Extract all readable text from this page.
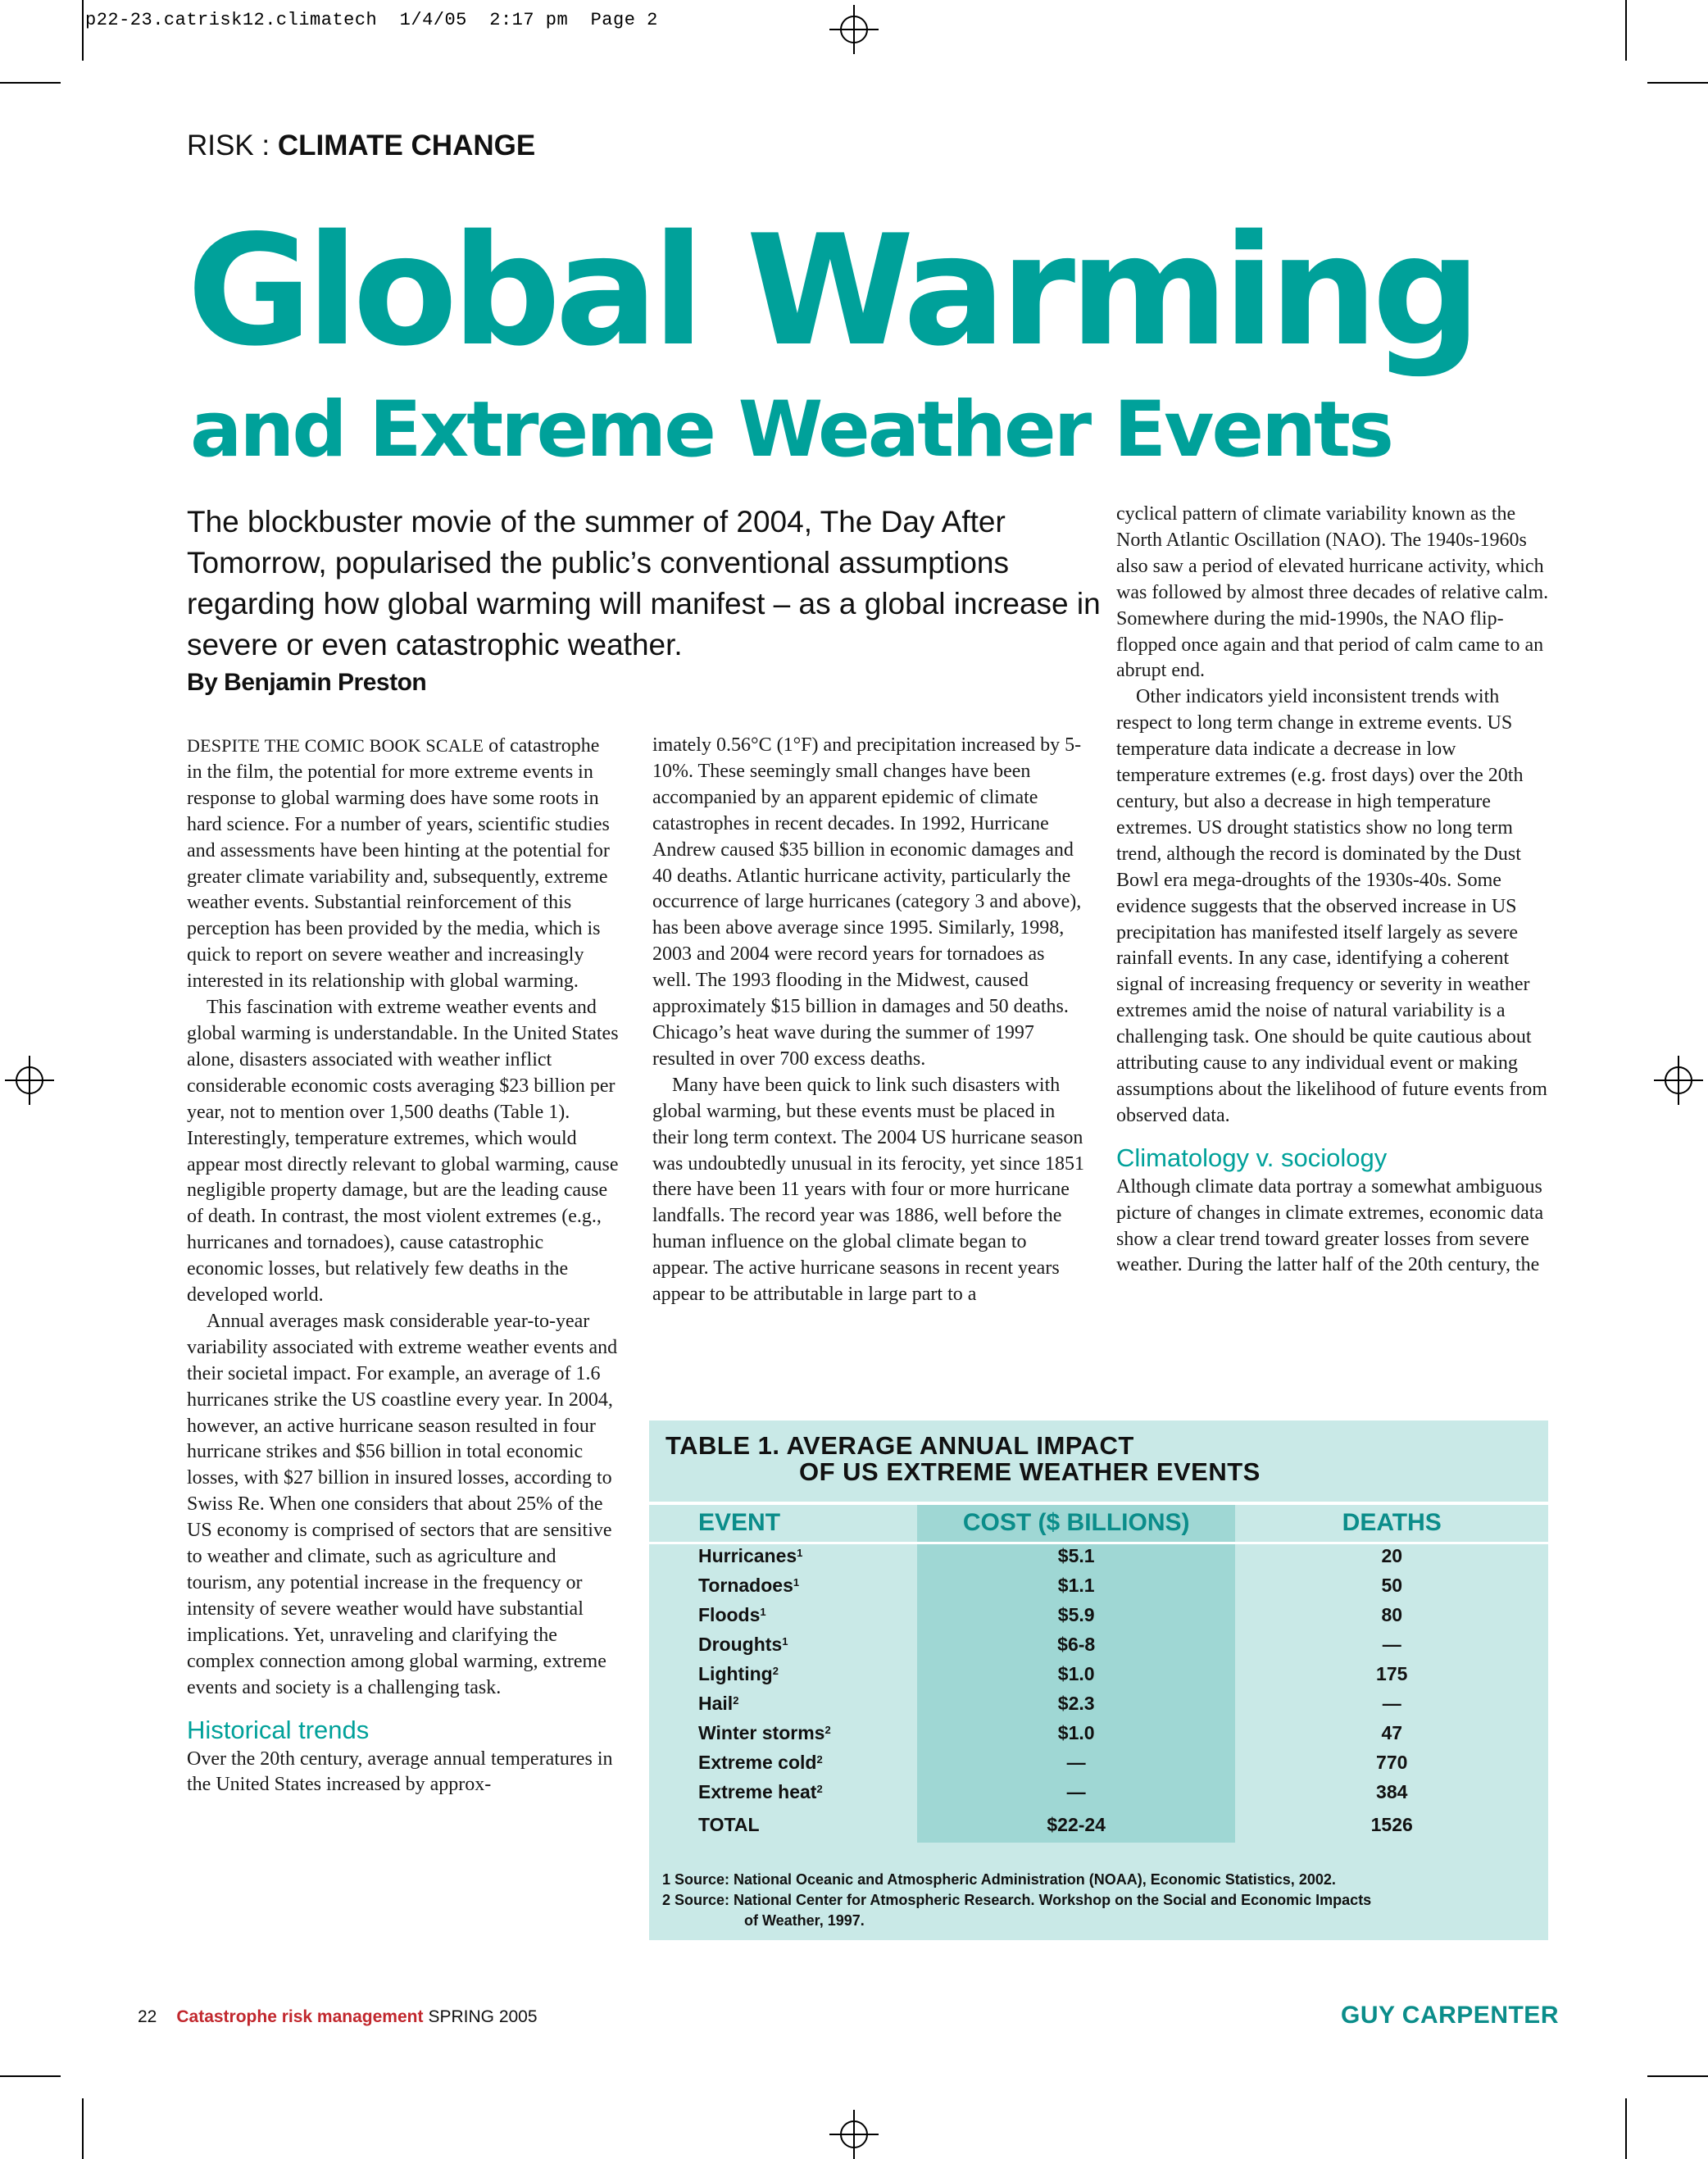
p22-23.catrisk12.climatech  1/4/05  2:17 pm  Page 2
RISK : CLIMATE CHANGE
Global Warming
and Extreme Weather Events
The blockbuster movie of the summer of 2004, The Day After Tomorrow, popularised the public’s conventional assumptions regarding how global warming will manifest – as a global increase in severe or even catastrophic weather.
By Benjamin Preston

DESPITE THE COMIC BOOK SCALE of catastrophe in the film, the potential for more extreme events in response to global warming does have some roots in hard science. For a number of years, scientific studies and assessments have been hinting at the potential for greater climate variability and, subsequently, extreme weather events. Substantial reinforcement of this perception has been provided by the media, which is quick to report on severe weather and increasingly interested in its relationship with global warming.

This fascination with extreme weather events and global warming is understandable. In the United States alone, disasters associated with weather inflict considerable economic costs averaging $23 billion per year, not to mention over 1,500 deaths (Table 1). Interestingly, temperature extremes, which would appear most directly relevant to global warming, cause negligible property damage, but are the leading cause of death. In contrast, the most violent extremes (e.g., hurricanes and tornadoes), cause catastrophic economic losses, but relatively few deaths in the developed world.

Annual averages mask considerable year-to-year variability associated with extreme weather events and their societal impact. For example, an average of 1.6 hurricanes strike the US coastline every year. In 2004, however, an active hurricane season resulted in four hurricane strikes and $56 billion in total economic losses, with $27 billion in insured losses, according to Swiss Re. When one considers that about 25% of the US economy is comprised of sectors that are sensitive to weather and climate, such as agriculture and tourism, any potential increase in the frequency or intensity of severe weather would have substantial implications. Yet, unraveling and clarifying the complex connection among global warming, extreme events and society is a challenging task.

Historical trends

Over the 20th century, average annual temperatures in the United States increased by approx-

imately 0.56°C (1°F) and precipitation increased by 5-10%. These seemingly small changes have been accompanied by an apparent epidemic of climate catastrophes in recent decades. In 1992, Hurricane Andrew caused $35 billion in economic damages and 40 deaths. Atlantic hurricane activity, particularly the occurrence of large hurricanes (category 3 and above), has been above average since 1995. Similarly, 1998, 2003 and 2004 were record years for tornadoes as well. The 1993 flooding in the Midwest, caused approximately $15 billion in damages and 50 deaths. Chicago’s heat wave during the summer of 1997 resulted in over 700 excess deaths.

Many have been quick to link such disasters with global warming, but these events must be placed in their long term context. The 2004 US hurricane season was undoubtedly unusual in its ferocity, yet since 1851 there have been 11 years with four or more hurricane landfalls. The record year was 1886, well before the human influence on the global climate began to appear. The active hurricane seasons in recent years appear to be attributable in large part to a

cyclical pattern of climate variability known as the North Atlantic Oscillation (NAO). The 1940s-1960s also saw a period of elevated hurricane activity, which was followed by almost three decades of relative calm. Somewhere during the mid-1990s, the NAO flip-flopped once again and that period of calm came to an abrupt end.

Other indicators yield inconsistent trends with respect to long term change in extreme events. US temperature data indicate a decrease in low temperature extremes (e.g. frost days) over the 20th century, but also a decrease in high temperature extremes. US drought statistics show no long term trend, although the record is dominated by the Dust Bowl era mega-droughts of the 1930s-40s. Some evidence suggests that the observed increase in US precipitation has manifested itself largely as severe rainfall events. In any case, identifying a coherent signal of increasing frequency or severity in weather extremes amid the noise of natural variability is a challenging task. One should be quite cautious about attributing cause to any individual event or making assumptions about the likelihood of future events from observed data.

Climatology v. sociology

Although climate data portray a somewhat ambiguous picture of changes in climate extremes, economic data show a clear trend toward greater losses from severe weather. During the latter half of the 20th century, the

TABLE 1. AVERAGE ANNUAL IMPACT
OF US EXTREME WEATHER EVENTS
EVENT	COST ($ BILLIONS)	DEATHS
Hurricanes$^1$	$5.1	20
Tornadoes$^1$	$1.1	50
Floods$^1$	$5.9	80
Droughts$^1$	$6-8	—
Lighting$^2$	$1.0	175
Hail$^2$	$2.3	—
Winter storms$^2$	$1.0	47
Extreme cold$^2$	—	770
Extreme heat$^2$	—	384
TOTAL	$22-24	1526
1 Source: National Oceanic and Atmospheric Administration (NOAA), Economic Statistics, 2002.
2 Source: National Center for Atmospheric Research. Workshop on the Social and Economic Impacts
of Weather, 1997.
22 Catastrophe risk management SPRING 2005	GUY CARPENTER
